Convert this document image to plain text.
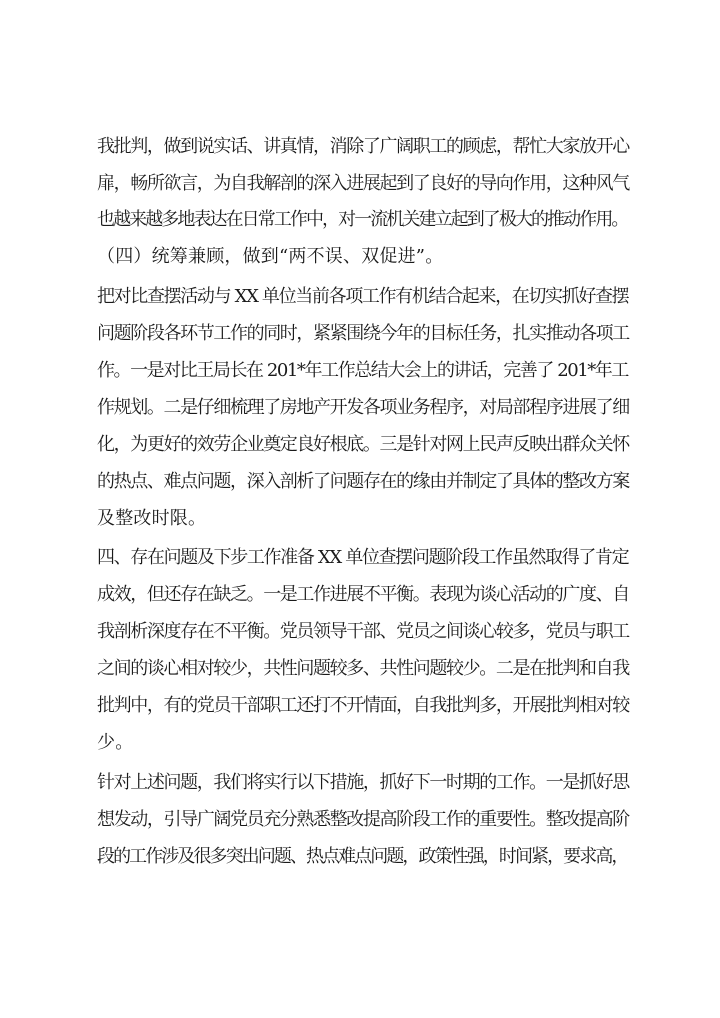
我批判，做到说实话、讲真情，消除了广阔职工的顾虑，帮忙大家放开心
扉，畅所欲言，为自我解剖的深入进展起到了良好的导向作用，这种风气
也越来越多地表达在日常工作中，对一流机关建立起到了极大的推动作用。
（四）统筹兼顾，做到“两不误、双促进”。
把对比查摆活动与 XX 单位当前各项工作有机结合起来，在切实抓好查摆
问题阶段各环节工作的同时，紧紧围绕今年的目标任务，扎实推动各项工
作。一是对比王局长在 201*年工作总结大会上的讲话，完善了 201*年工
作规划。二是仔细梳理了房地产开发各项业务程序，对局部程序进展了细
化，为更好的效劳企业奠定良好根底。三是针对网上民声反映出群众关怀
的热点、难点问题，深入剖析了问题存在的缘由并制定了具体的整改方案
及整改时限。
四、存在问题及下步工作准备 XX 单位查摆问题阶段工作虽然取得了肯定
成效，但还存在缺乏。一是工作进展不平衡。表现为谈心活动的广度、自
我剖析深度存在不平衡。党员领导干部、党员之间谈心较多，党员与职工
之间的谈心相对较少，共性问题较多、共性问题较少。二是在批判和自我
批判中，有的党员干部职工还打不开情面，自我批判多，开展批判相对较
少。
针对上述问题，我们将实行以下措施，抓好下一时期的工作。一是抓好思
想发动，引导广阔党员充分熟悉整改提高阶段工作的重要性。整改提高阶
段的工作涉及很多突出问题、热点难点问题，政策性强，时间紧，要求高，
